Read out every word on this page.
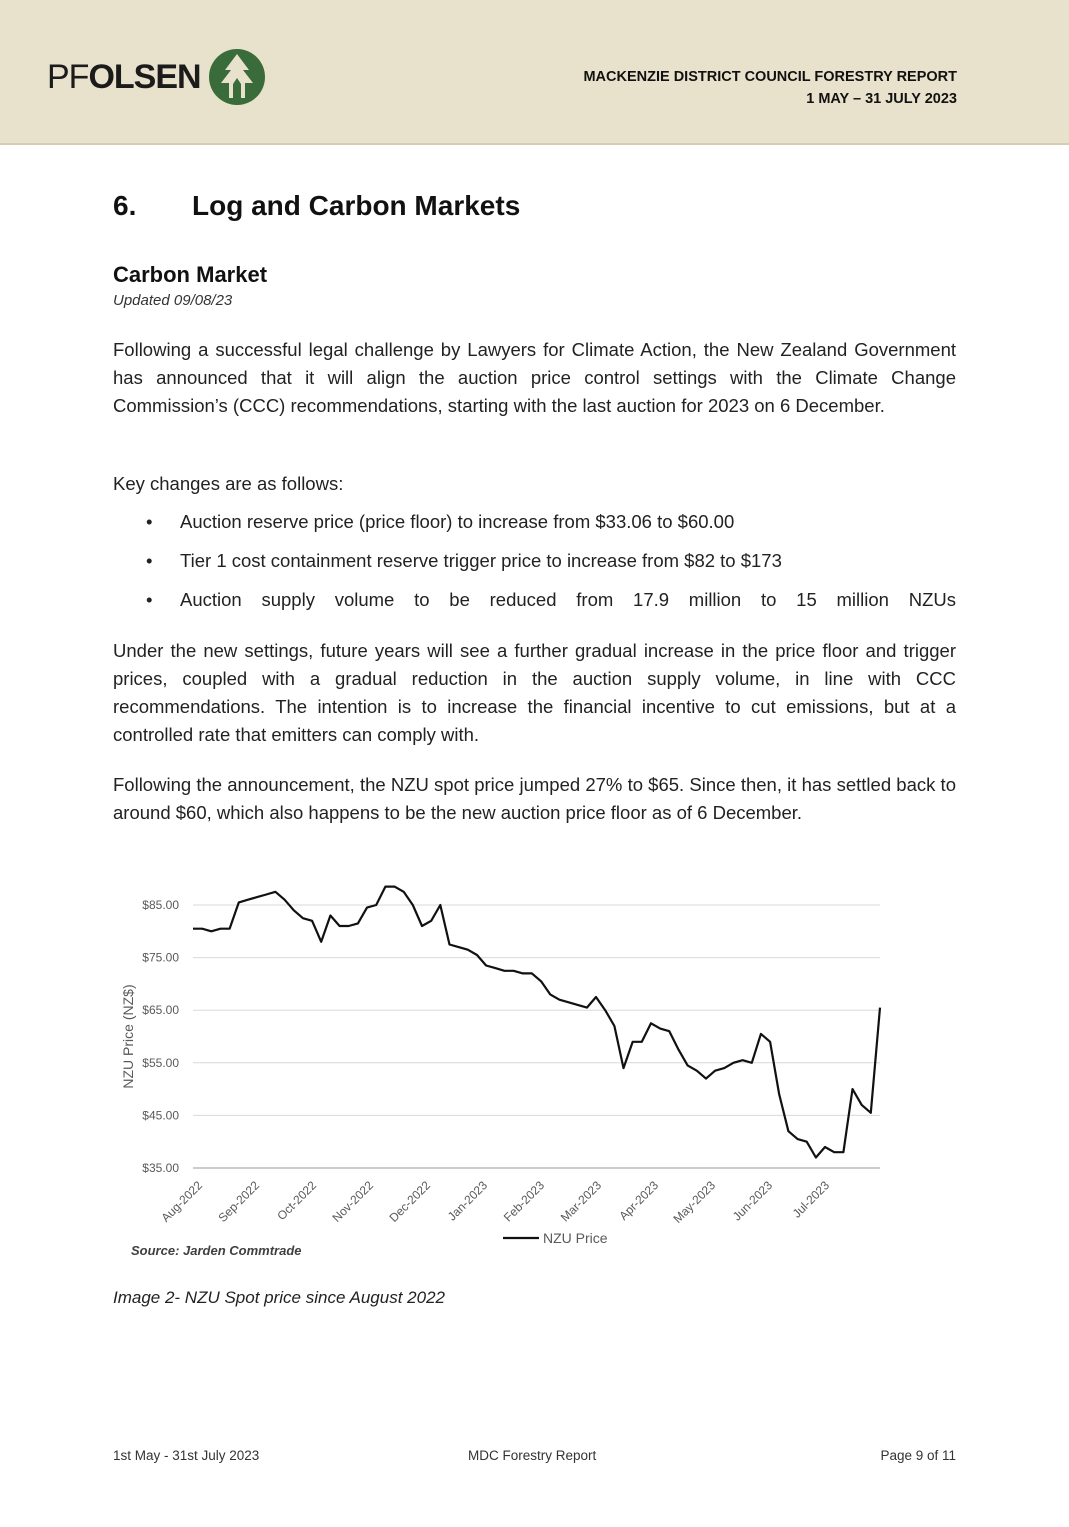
PFOLSEN	MACKENZIE DISTRICT COUNCIL FORESTRY REPORT
1 MAY – 31 JULY 2023
6. Log and Carbon Markets
Carbon Market
Updated 09/08/23
Following a successful legal challenge by Lawyers for Climate Action, the New Zealand Government has announced that it will align the auction price control settings with the Climate Change Commission’s (CCC) recommendations, starting with the last auction for 2023 on 6 December.
Key changes are as follows:
• Auction reserve price (price floor) to increase from $33.06 to $60.00
• Tier 1 cost containment reserve trigger price to increase from $82 to $173
• Auction supply volume to be reduced from 17.9 million to 15 million NZUs
Under the new settings, future years will see a further gradual increase in the price floor and trigger prices, coupled with a gradual reduction in the auction supply volume, in line with CCC recommendations. The intention is to increase the financial incentive to cut emissions, but at a controlled rate that emitters can comply with.
Following the announcement, the NZU spot price jumped 27% to $65. Since then, it has settled back to around $60, which also happens to be the new auction price floor as of 6 December.
$35.00
$45.00
$55.00
$65.00
$75.00
$85.00
NZU Price (NZ$)
Aug-2022 Sep-2022 Oct-2022 Nov-2022 Dec-2022 Jan-2023 Feb-2023 Mar-2023 Apr-2023 May-2023 Jun-2023 Jul-2023
NZU Price
Source: Jarden Commtrade
Image 2- NZU Spot price since August 2022
1st May - 31st July 2023	MDC Forestry Report	Page 9 of 11
